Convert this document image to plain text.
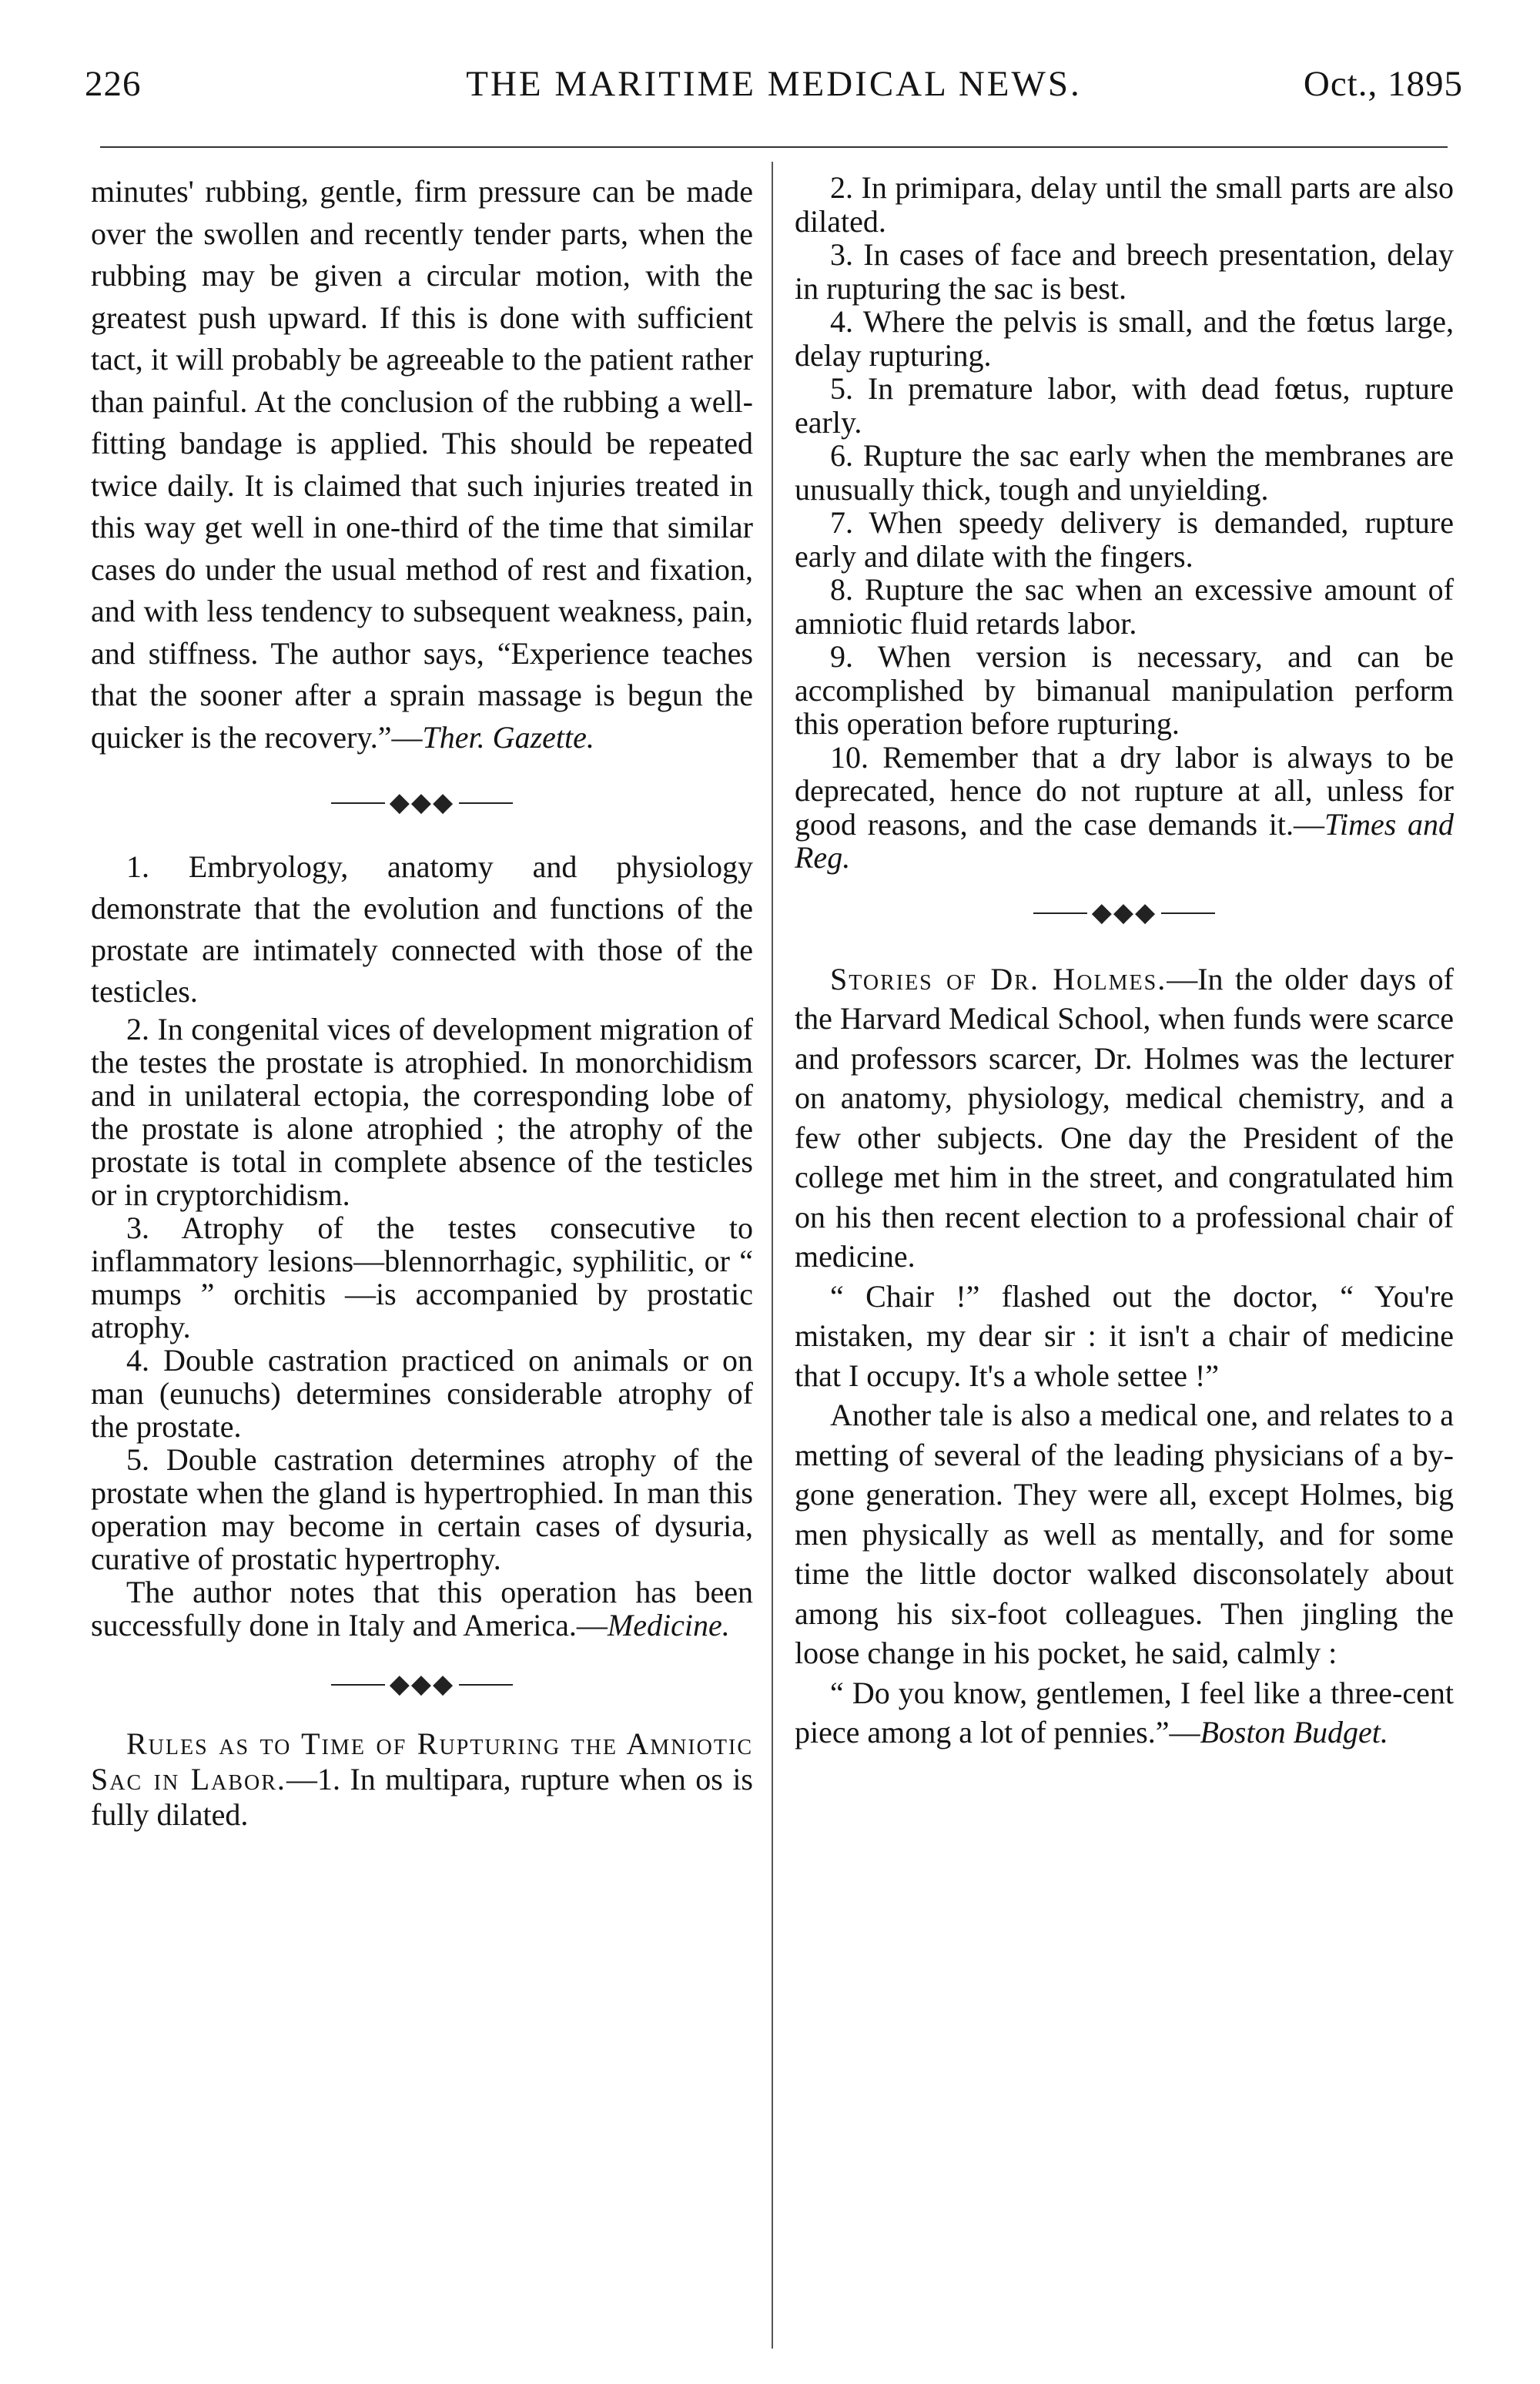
226	THE MARITIME MEDICAL NEWS.	Oct., 1895

minutes' rubbing, gentle, firm pressure can be made over the swollen and recently tender parts, when the rubbing may be given a circular motion, with the greatest push upward. If this is done with sufficient tact, it will probably be agreeable to the patient rather than painful. At the conclusion of the rubbing a well-fitting bandage is applied. This should be repeated twice daily. It is claimed that such injuries treated in this way get well in one-third of the time that similar cases do under the usual method of rest and fixation, and with less tendency to subsequent weakness, pain, and stiffness. The author says, “Experience teaches that the sooner after a sprain massage is begun the quicker is the recovery.”—Ther. Gazette.

◆◆◆

1. Embryology, anatomy and physiology demonstrate that the evolution and functions of the prostate are intimately connected with those of the testicles.

2. In congenital vices of development migration of the testes the prostate is atrophied. In monorchidism and in unilateral ectopia, the corresponding lobe of the prostate is alone atrophied ; the atrophy of the prostate is total in complete absence of the testicles or in cryptorchidism.

3. Atrophy of the testes consecutive to inflammatory lesions—blennorrhagic, syphilitic, or “ mumps ” orchitis —is accompanied by prostatic atrophy.

4. Double castration practiced on animals or on man (eunuchs) determines considerable atrophy of the prostate.

5. Double castration determines atrophy of the prostate when the gland is hypertrophied. In man this operation may become in certain cases of dysuria, curative of prostatic hypertrophy.

The author notes that this operation has been successfully done in Italy and America.—Medicine.

◆◆◆

Rules as to Time of Rupturing the Amniotic Sac in Labor.—1. In multipara, rupture when os is fully dilated.

2. In primipara, delay until the small parts are also dilated.

3. In cases of face and breech presentation, delay in rupturing the sac is best.

4. Where the pelvis is small, and the fœtus large, delay rupturing.

5. In premature labor, with dead fœtus, rupture early.

6. Rupture the sac early when the membranes are unusually thick, tough and unyielding.

7. When speedy delivery is demanded, rupture early and dilate with the fingers.

8. Rupture the sac when an excessive amount of amniotic fluid retards labor.

9. When version is necessary, and can be accomplished by bimanual manipulation perform this operation before rupturing.

10. Remember that a dry labor is always to be deprecated, hence do not rupture at all, unless for good reasons, and the case demands it.—Times and Reg.

◆◆◆

Stories of Dr. Holmes.—In the older days of the Harvard Medical School, when funds were scarce and professors scarcer, Dr. Holmes was the lecturer on anatomy, physiology, medical chemistry, and a few other subjects. One day the President of the college met him in the street, and congratulated him on his then recent election to a professional chair of medicine.

“ Chair !” flashed out the doctor, “ You're mistaken, my dear sir : it isn't a chair of medicine that I occupy. It's a whole settee !”

Another tale is also a medical one, and relates to a metting of several of the leading physicians of a by-gone generation. They were all, except Holmes, big men physically as well as mentally, and for some time the little doctor walked disconsolately about among his six-foot colleagues. Then jingling the loose change in his pocket, he said, calmly :

“ Do you know, gentlemen, I feel like a three-cent piece among a lot of pennies.”—Boston Budget.
